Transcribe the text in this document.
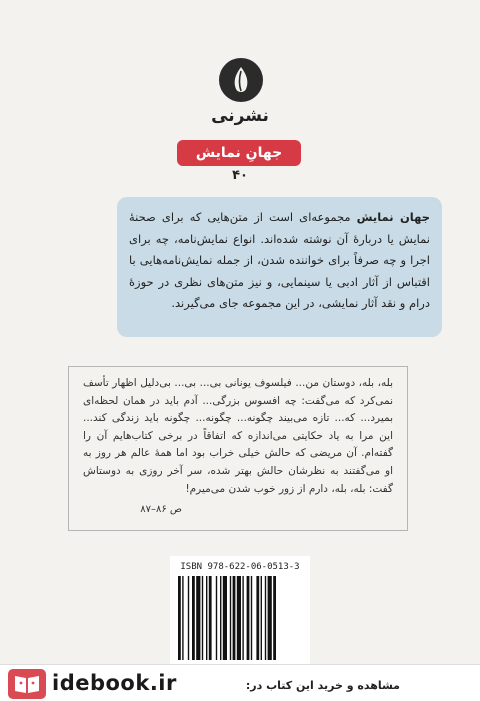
نشرنی
جهانِ نمایش
۴۰
جهان نمایش مجموعه‌ای است از متن‌هایی که برای صحنهٔ نمایش یا دربارهٔ آن نوشته شده‌اند. انواع نمایش‌نامه، چه برای اجرا و چه صرفاً برای خواننده شدن، از جمله نمایش‌نامه‌هایی با اقتباس از آثار ادبی یا سینمایی، و نیز متن‌های نظری در حوزهٔ درام و نقد آثار نمایشی، در این مجموعه جای می‌گیرند.
بله، بله، دوستان من... فیلسوف یونانی بی... بی... بی‌دلیل اظهار تأسف نمی‌کرد که می‌گفت: چه افسوس بزرگی... آدم باید در همان لحظه‌ای بمیرد... که... تازه می‌بیند چگونه... چگونه... چگونه باید زندگی کند... این مرا به یاد حکایتی می‌اندازه که اتفاقاً در برخی کتاب‌هایم آن را گفته‌ام. آن مریضی که حالش خیلی خراب بود اما همهٔ عالم هر روز به او می‌گفتند به نظرشان حالش بهتر شده، سر آخر روزی به دوستاش گفت: بله، بله، دارم از زور خوب شدن می‌میرم!
ص ۸۶–۸۷
ISBN 978-622-06-0513-3
idebook.ir	مشاهده و خرید این کتاب در:
